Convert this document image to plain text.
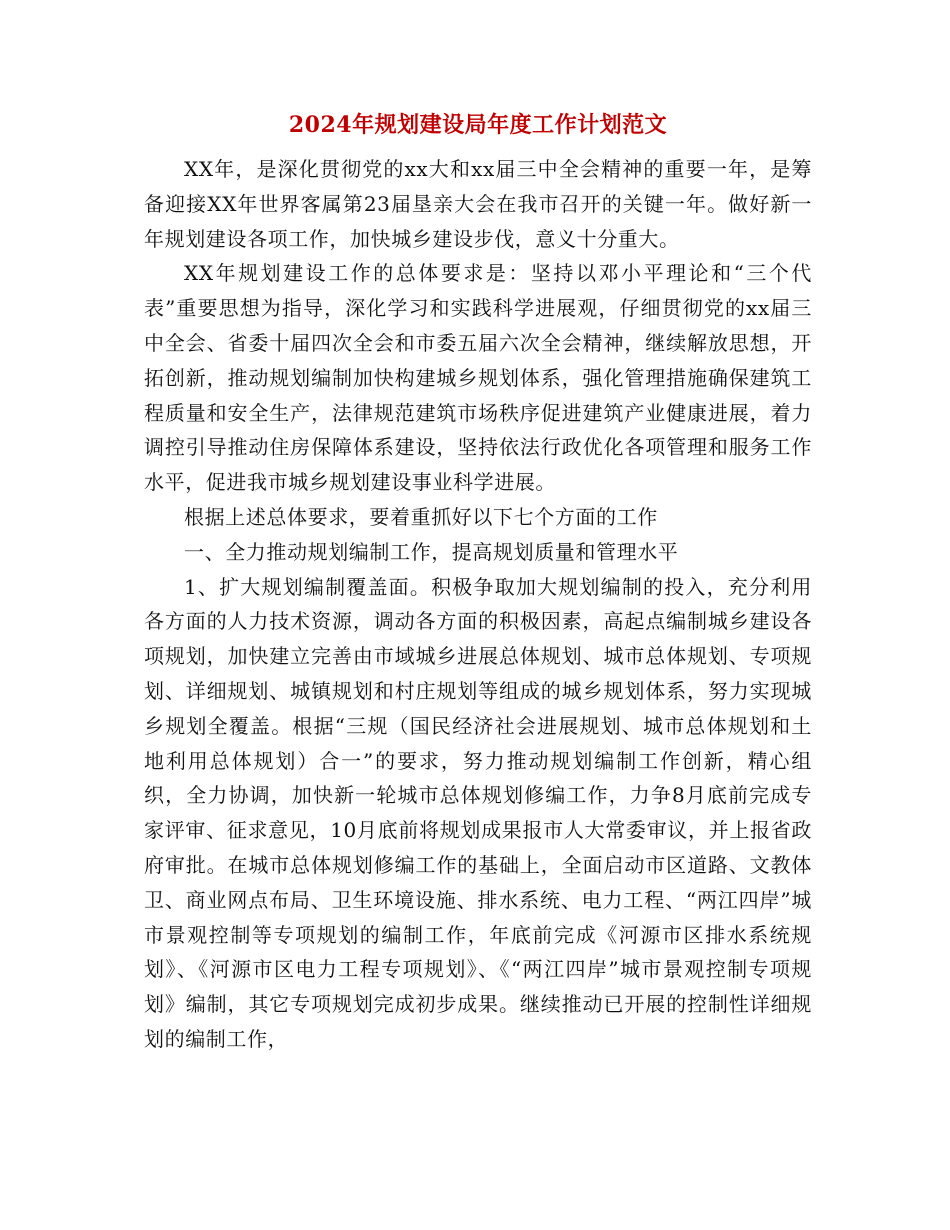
2024年规划建设局年度工作计划范文

XX年，是深化贯彻党的xx大和xx届三中全会精神的重要一年，是筹备迎接XX年世界客属第23届垦亲大会在我市召开的关键一年。做好新一年规划建设各项工作，加快城乡建设步伐，意义十分重大。

XX年规划建设工作的总体要求是：坚持以邓小平理论和“三个代表”重要思想为指导，深化学习和实践科学进展观，仔细贯彻党的xx届三中全会、省委十届四次全会和市委五届六次全会精神，继续解放思想，开拓创新，推动规划编制加快构建城乡规划体系，强化管理措施确保建筑工程质量和安全生产，法律规范建筑市场秩序促进建筑产业健康进展，着力调控引导推动住房保障体系建设，坚持依法行政优化各项管理和服务工作水平，促进我市城乡规划建设事业科学进展。

根据上述总体要求，要着重抓好以下七个方面的工作

一、全力推动规划编制工作，提高规划质量和管理水平

1、扩大规划编制覆盖面。积极争取加大规划编制的投入，充分利用各方面的人力技术资源，调动各方面的积极因素，高起点编制城乡建设各项规划，加快建立完善由市域城乡进展总体规划、城市总体规划、专项规划、详细规划、城镇规划和村庄规划等组成的城乡规划体系，努力实现城乡规划全覆盖。根据“三规（国民经济社会进展规划、城市总体规划和土地利用总体规划）合一”的要求，努力推动规划编制工作创新，精心组织，全力协调，加快新一轮城市总体规划修编工作，力争8月底前完成专家评审、征求意见，10月底前将规划成果报市人大常委审议，并上报省政府审批。在城市总体规划修编工作的基础上，全面启动市区道路、文教体卫、商业网点布局、卫生环境设施、排水系统、电力工程、“两江四岸”城市景观控制等专项规划的编制工作，年底前完成《河源市区排水系统规划》、《河源市区电力工程专项规划》、《“两江四岸”城市景观控制专项规划》编制，其它专项规划完成初步成果。继续推动已开展的控制性详细规划的编制工作，
